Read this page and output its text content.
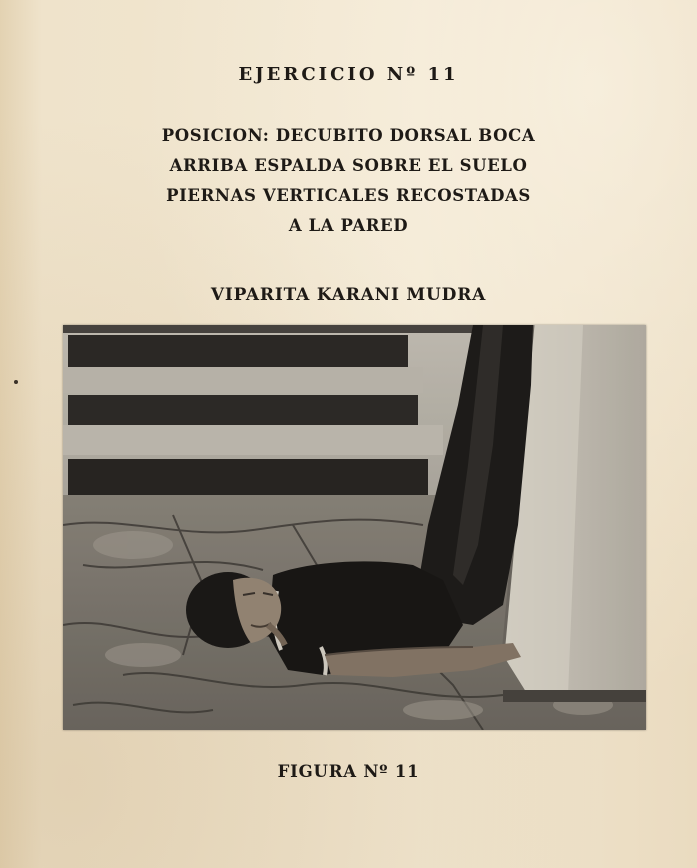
EJERCICIO Nº 11

POSICION: DECUBITO DORSAL BOCA
ARRIBA ESPALDA SOBRE EL SUELO
PIERNAS VERTICALES RECOSTADAS
A LA PARED

VIPARITA KARANI MUDRA

FIGURA Nº 11
